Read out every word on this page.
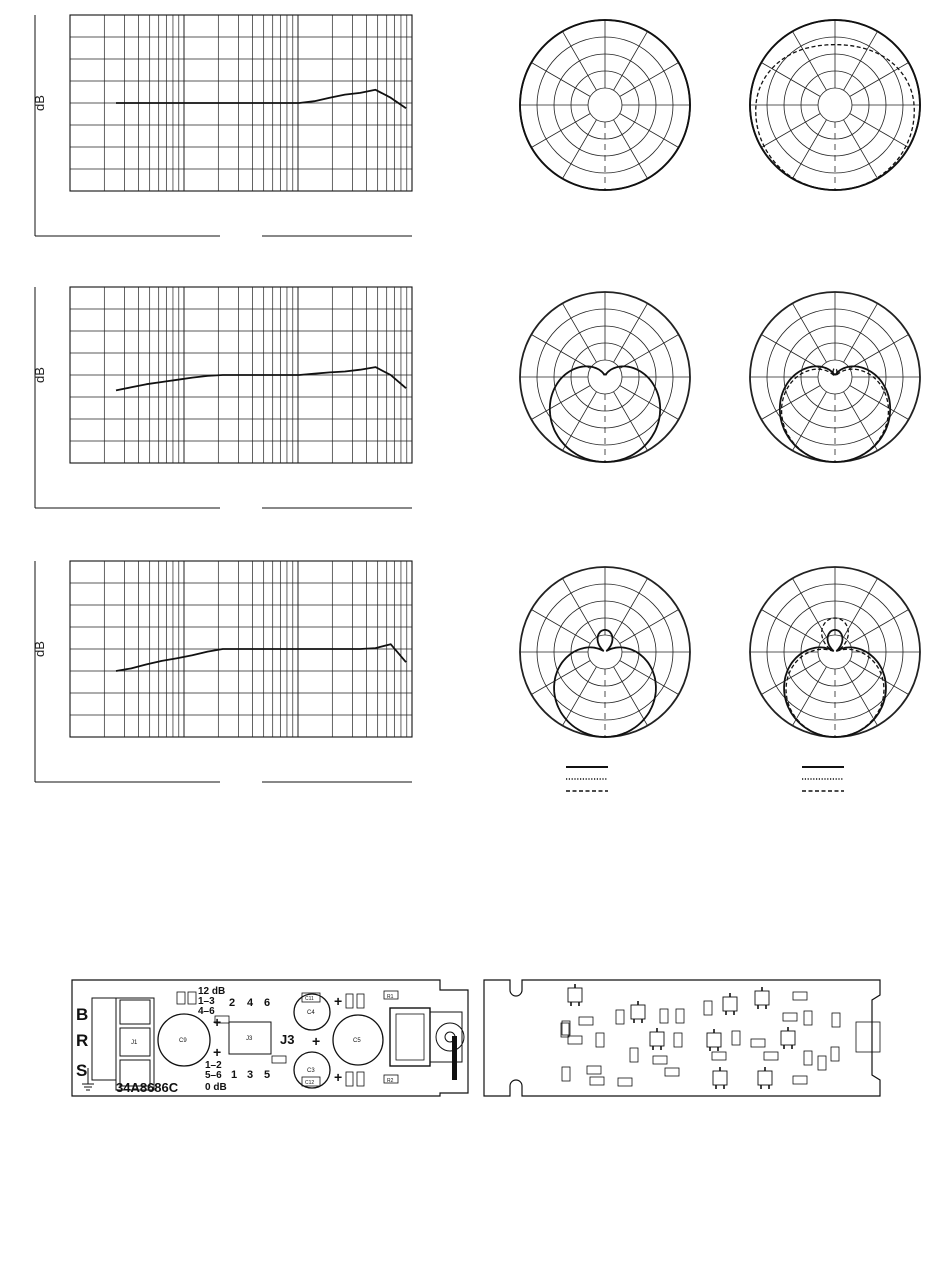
dB
dB
dB
B
R
S
J1	C9
12 dB
1–3
4–6
2 4 6
+
+
1–2
5–6
0 dB
1 3 5
J3 J3
C11
C4
C5
C3
C12
+
+
+
R1
R2
34A8686C
